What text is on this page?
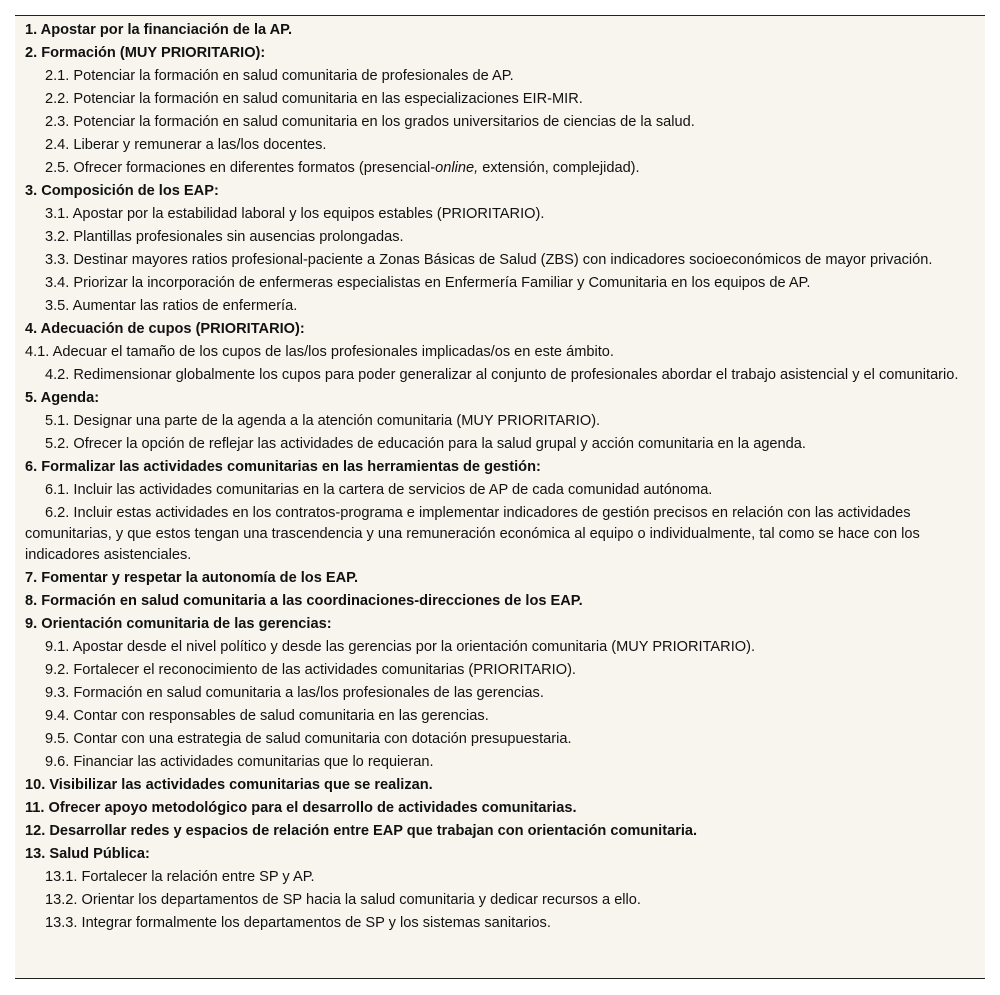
1. Apostar por la financiación de la AP.

2. Formación (MUY PRIORITARIO):

2.1. Potenciar la formación en salud comunitaria de profesionales de AP.

2.2. Potenciar la formación en salud comunitaria en las especializaciones EIR-MIR.

2.3. Potenciar la formación en salud comunitaria en los grados universitarios de ciencias de la salud.

2.4. Liberar y remunerar a las/los docentes.

2.5. Ofrecer formaciones en diferentes formatos (presencial-online, extensión, complejidad).

3. Composición de los EAP:

3.1. Apostar por la estabilidad laboral y los equipos estables (PRIORITARIO).

3.2. Plantillas profesionales sin ausencias prolongadas.

3.3. Destinar mayores ratios profesional-paciente a Zonas Básicas de Salud (ZBS) con indicadores socioeconómicos de mayor privación.

3.4. Priorizar la incorporación de enfermeras especialistas en Enfermería Familiar y Comunitaria en los equipos de AP.

3.5. Aumentar las ratios de enfermería.

4. Adecuación de cupos (PRIORITARIO):

4.1. Adecuar el tamaño de los cupos de las/los profesionales implicadas/os en este ámbito.

4.2. Redimensionar globalmente los cupos para poder generalizar al conjunto de profesionales abordar el trabajo asistencial y el comunitario.

5. Agenda:

5.1. Designar una parte de la agenda a la atención comunitaria (MUY PRIORITARIO).

5.2. Ofrecer la opción de reflejar las actividades de educación para la salud grupal y acción comunitaria en la agenda.

6. Formalizar las actividades comunitarias en las herramientas de gestión:

6.1. Incluir las actividades comunitarias en la cartera de servicios de AP de cada comunidad autónoma.

6.2. Incluir estas actividades en los contratos-programa e implementar indicadores de gestión precisos en relación con las actividades comunitarias, y que estos tengan una trascendencia y una remuneración económica al equipo o individualmente, tal como se hace con los indicadores asistenciales.

7. Fomentar y respetar la autonomía de los EAP.

8. Formación en salud comunitaria a las coordinaciones-direcciones de los EAP.

9. Orientación comunitaria de las gerencias:

9.1. Apostar desde el nivel político y desde las gerencias por la orientación comunitaria (MUY PRIORITARIO).

9.2. Fortalecer el reconocimiento de las actividades comunitarias (PRIORITARIO).

9.3. Formación en salud comunitaria a las/los profesionales de las gerencias.

9.4. Contar con responsables de salud comunitaria en las gerencias.

9.5. Contar con una estrategia de salud comunitaria con dotación presupuestaria.

9.6. Financiar las actividades comunitarias que lo requieran.

10. Visibilizar las actividades comunitarias que se realizan.

11. Ofrecer apoyo metodológico para el desarrollo de actividades comunitarias.

12. Desarrollar redes y espacios de relación entre EAP que trabajan con orientación comunitaria.

13. Salud Pública:

13.1. Fortalecer la relación entre SP y AP.

13.2. Orientar los departamentos de SP hacia la salud comunitaria y dedicar recursos a ello.

13.3. Integrar formalmente los departamentos de SP y los sistemas sanitarios.
